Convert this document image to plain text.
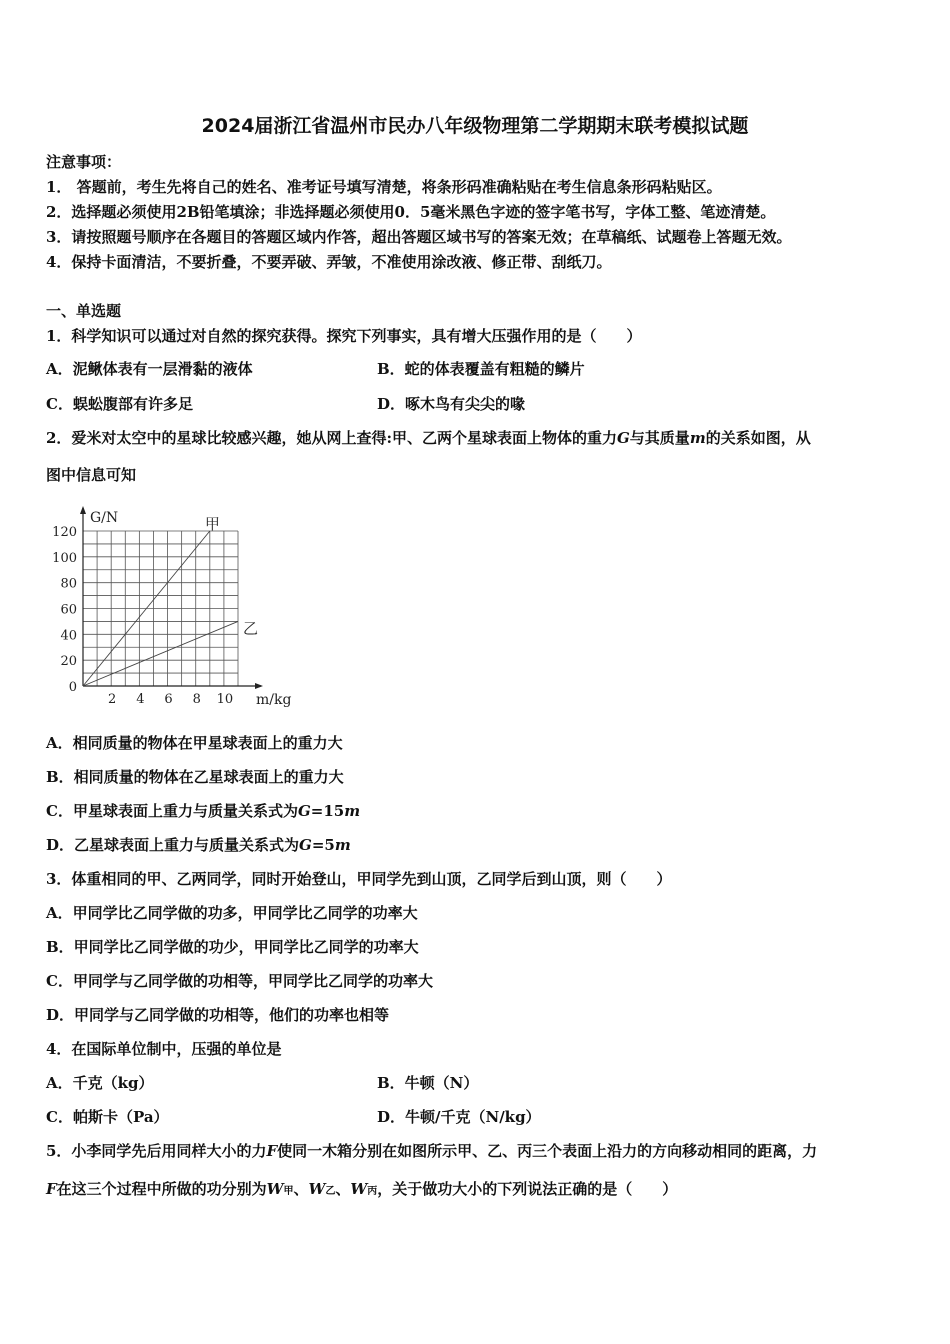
2024届浙江省温州市民办八年级物理第二学期期末联考模拟试题
注意事项：
1． 答题前，考生先将自己的姓名、准考证号填写清楚，将条形码准确粘贴在考生信息条形码粘贴区。
2．选择题必须使用2B铅笔填涂；非选择题必须使用0．5毫米黑色字迹的签字笔书写，字体工整、笔迹清楚。
3．请按照题号顺序在各题目的答题区域内作答，超出答题区域书写的答案无效；在草稿纸、试题卷上答题无效。
4．保持卡面清洁，不要折叠，不要弄破、弄皱，不准使用涂改液、修正带、刮纸刀。
一、单选题
1．科学知识可以通过对自然的探究获得。探究下列事实，具有增大压强作用的是（　　）
A．泥鳅体表有一层滑黏的液体	B．蛇的体表覆盖有粗糙的鳞片
C．蜈蚣腹部有许多足	D．啄木鸟有尖尖的喙
2．爱米对太空中的星球比较感兴趣，她从网上查得:甲、乙两个星球表面上物体的重力G与其质量m的关系如图，从
图中信息可知
0
20
40
60
80
100
120
2 4 6 8 10
甲
乙
G/N
m/kg
A．相同质量的物体在甲星球表面上的重力大
B．相同质量的物体在乙星球表面上的重力大
C．甲星球表面上重力与质量关系式为G=15m
D．乙星球表面上重力与质量关系式为G=5m
3．体重相同的甲、乙两同学，同时开始登山，甲同学先到山顶，乙同学后到山顶，则（　　）
A．甲同学比乙同学做的功多，甲同学比乙同学的功率大
B．甲同学比乙同学做的功少，甲同学比乙同学的功率大
C．甲同学与乙同学做的功相等，甲同学比乙同学的功率大
D．甲同学与乙同学做的功相等，他们的功率也相等
4．在国际单位制中，压强的单位是
A．千克（kg）	B．牛顿（N）
C．帕斯卡（Pa）	D．牛顿/千克（N/kg）
5．小李同学先后用同样大小的力F使同一木箱分别在如图所示甲、乙、丙三个表面上沿力的方向移动相同的距离，力
F在这三个过程中所做的功分别为W甲、W乙、W丙，关于做功大小的下列说法正确的是（　　）
